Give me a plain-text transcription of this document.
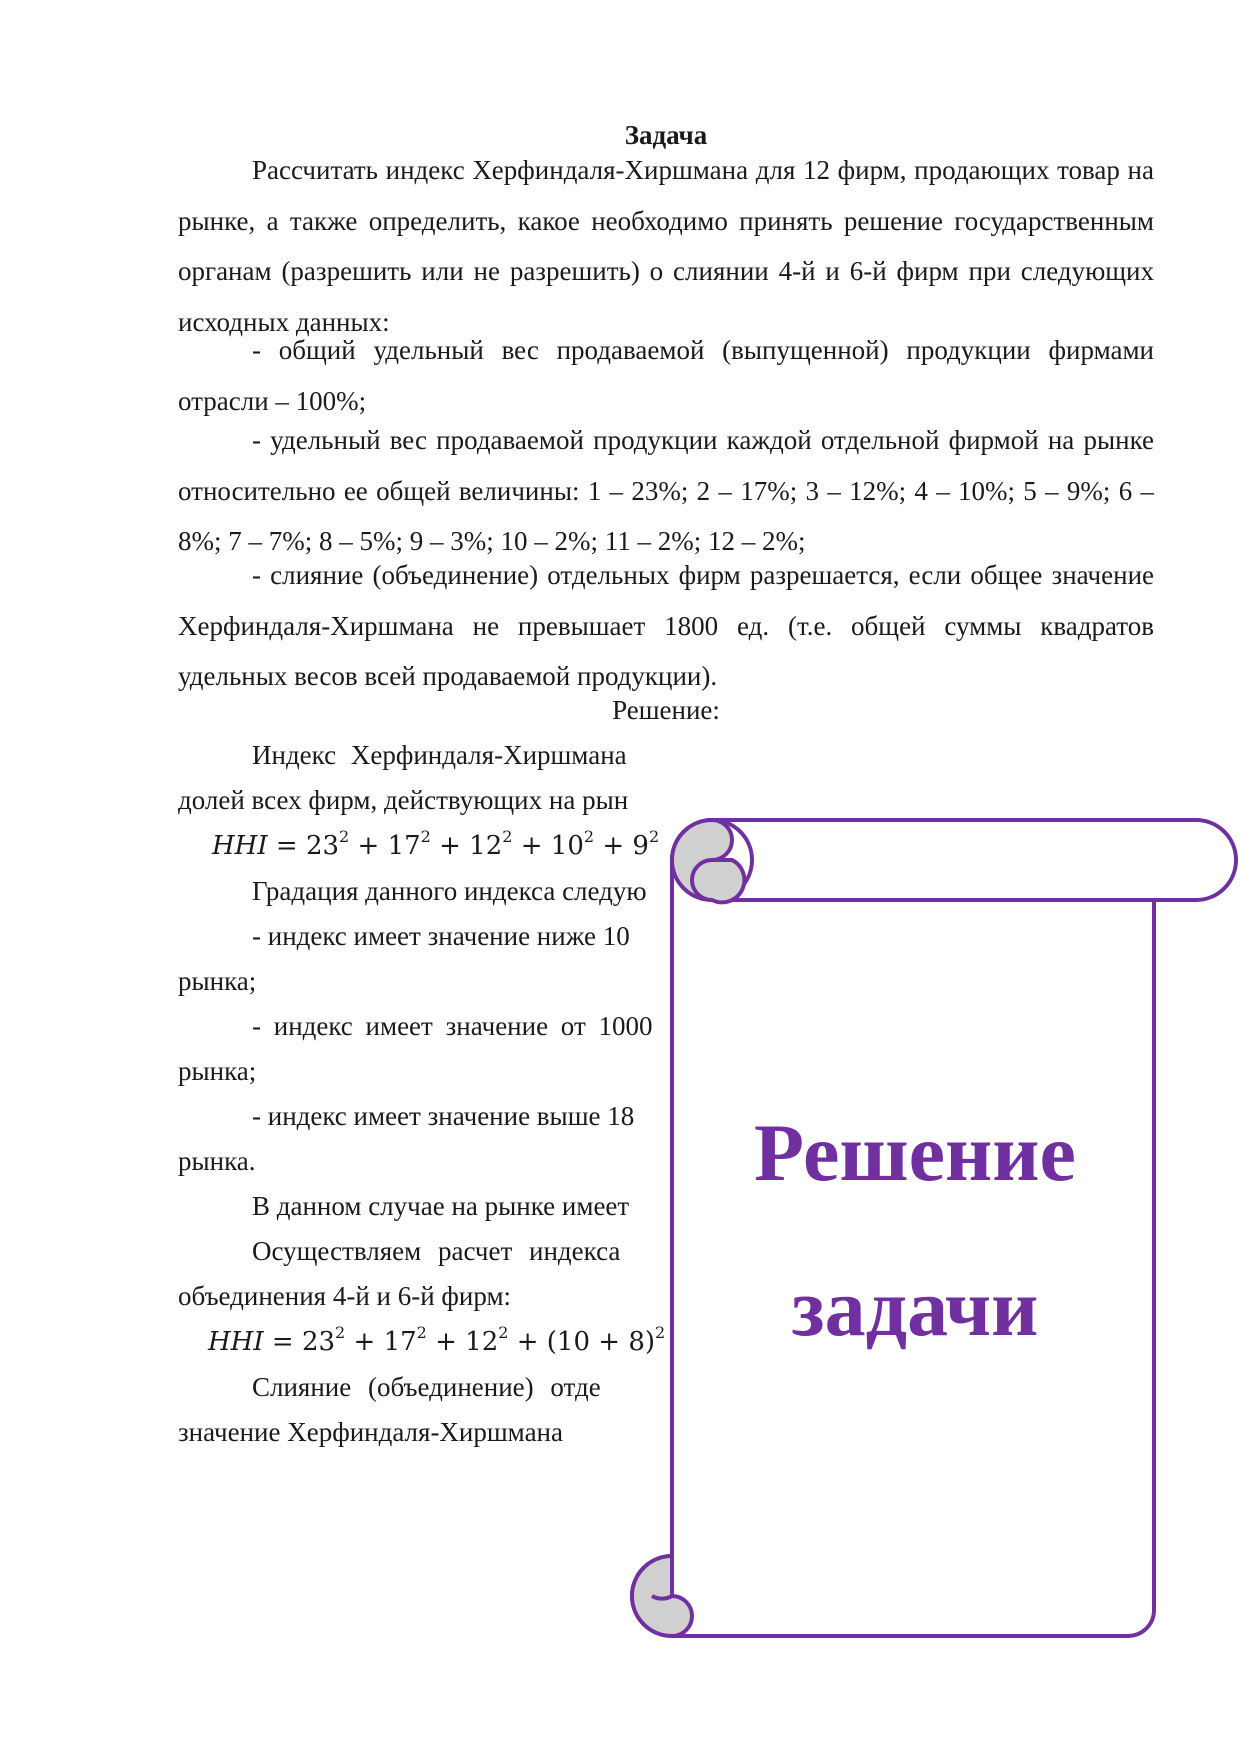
Задача

Рассчитать индекс Херфиндаля-Хиршмана для 12 фирм, продающих товар на рынке, а также определить, какое необходимо принять решение государственным органам (разрешить или не разрешить) о слиянии 4-й и 6-й фирм при следующих исходных данных:

- общий удельный вес продаваемой (выпущенной) продукции фирмами отрасли – 100%;

- удельный вес продаваемой продукции каждой отдельной фирмой на рынке относительно ее общей величины: 1 – 23%; 2 – 17%; 3 – 12%; 4 – 10%; 5 – 9%; 6 – 8%; 7 – 7%; 8 – 5%; 9 – 3%; 10 – 2%; 11 – 2%; 12 – 2%;

- слияние (объединение) отдельных фирм разрешается, если общее значение Херфиндаля-Хиршмана не превышает 1800 ед. (т.е. общей суммы квадратов удельных весов всей продаваемой продукции).

Решение:

Индекс Херфиндаля-Хиршмана

долей всех фирм, действующих на рын

HHI = $23^2 + 17^2 + 12^2 + 10^2 + 9^2$

Градация данного индекса следую

- индекс имеет значение ниже 10

рынка;

- индекс имеет значение от 1000

рынка;

- индекс имеет значение выше 18

рынка.

В данном случае на рынке имеет

Осуществляем расчет индекса

объединения 4-й и 6-й фирм:

HHI = $23^2 + 17^2 + 12^2 + (10 + 8)^2$

Слияние (объединение) отде

значение Херфиндаля-Хиршмана

Решение
задачи
